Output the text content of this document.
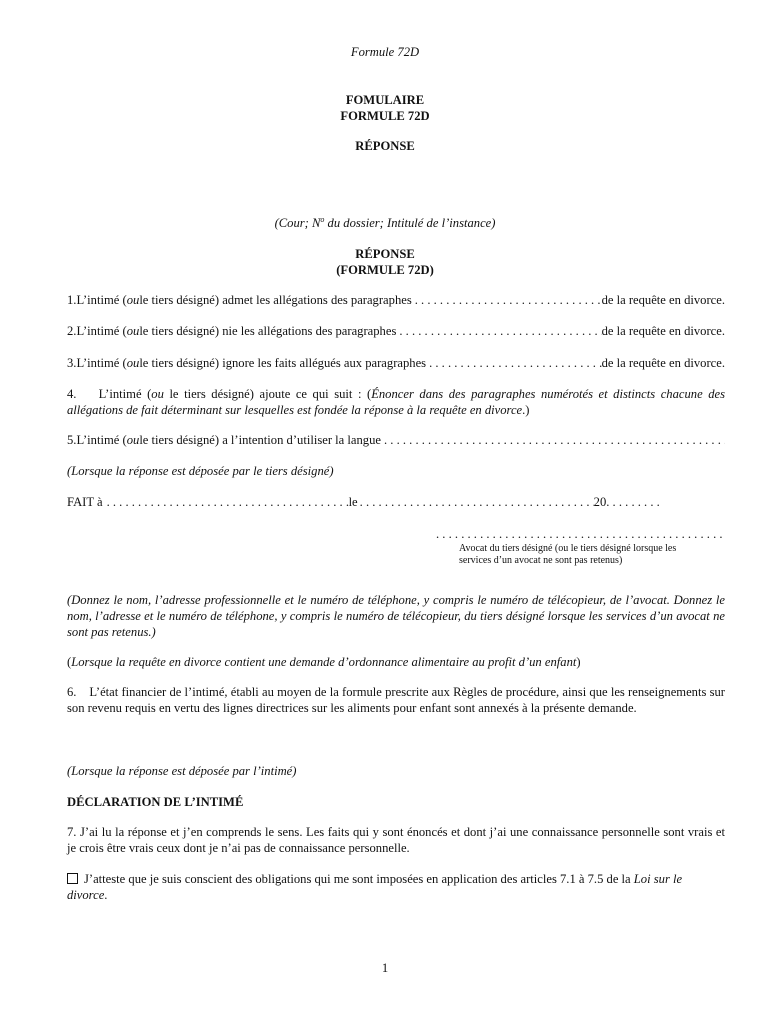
Formule 72D
FOMULAIRE
FORMULE 72D
RÉPONSE
(Cour; $N^o$ du dossier; Intitulé de l’instance)
RÉPONSE
(FORMULE 72D)
1. L’intimé ( ou le tiers désigné) admet les allégations des paragraphes . . .	de la requête en divorce.
2. L’intimé ( ou le tiers désigné) nie les allégations des paragraphes . . .	de la requête en divorce.
3. L’intimé ( ou le tiers désigné) ignore les faits allégués aux paragraphes . . .	de la requête en divorce.

4. L’intimé (ou le tiers désigné) ajoute ce qui suit : (Énoncer dans des paragraphes numérotés et distincts chacune des allégations de fait déterminant sur lesquelles est fondée la réponse à la requête en divorce.)

5. L’intimé ( ou le tiers désigné) a l’intention d’utiliser la langue
. . .
(Lorsque la réponse est déposée par le tiers désigné)
FAIT à . . .	le . . .	20
. . .
. . .
Avocat du tiers désigné (ou le tiers désigné lorsque les services d’un avocat ne sont pas retenus)

(Donnez le nom, l’adresse professionnelle et le numéro de téléphone, y compris le numéro de télécopieur, de l’avocat. Donnez le nom, l’adresse et le numéro de téléphone, y compris le numéro de télécopieur, du tiers désigné lorsque les services d’un avocat ne sont pas retenus.)

(Lorsque la requête en divorce contient une demande d’ordonnance alimentaire au profit d’un enfant)

6. L’état financier de l’intimé, établi au moyen de la formule prescrite aux Règles de procédure, ainsi que les renseignements sur son revenu requis en vertu des lignes directrices sur les aliments pour enfant sont annexés à la présente demande.

(Lorsque la réponse est déposée par l’intimé)
DÉCLARATION DE L’INTIMÉ

7. J’ai lu la réponse et j’en comprends le sens. Les faits qui y sont énoncés et dont j’ai une connaissance personnelle sont vrais et je crois être vrais ceux dont je n’ai pas de connaissance personnelle.

J’atteste que je suis conscient des obligations qui me sont imposées en application des articles 7.1 à 7.5 de la Loi sur le divorce.

1
